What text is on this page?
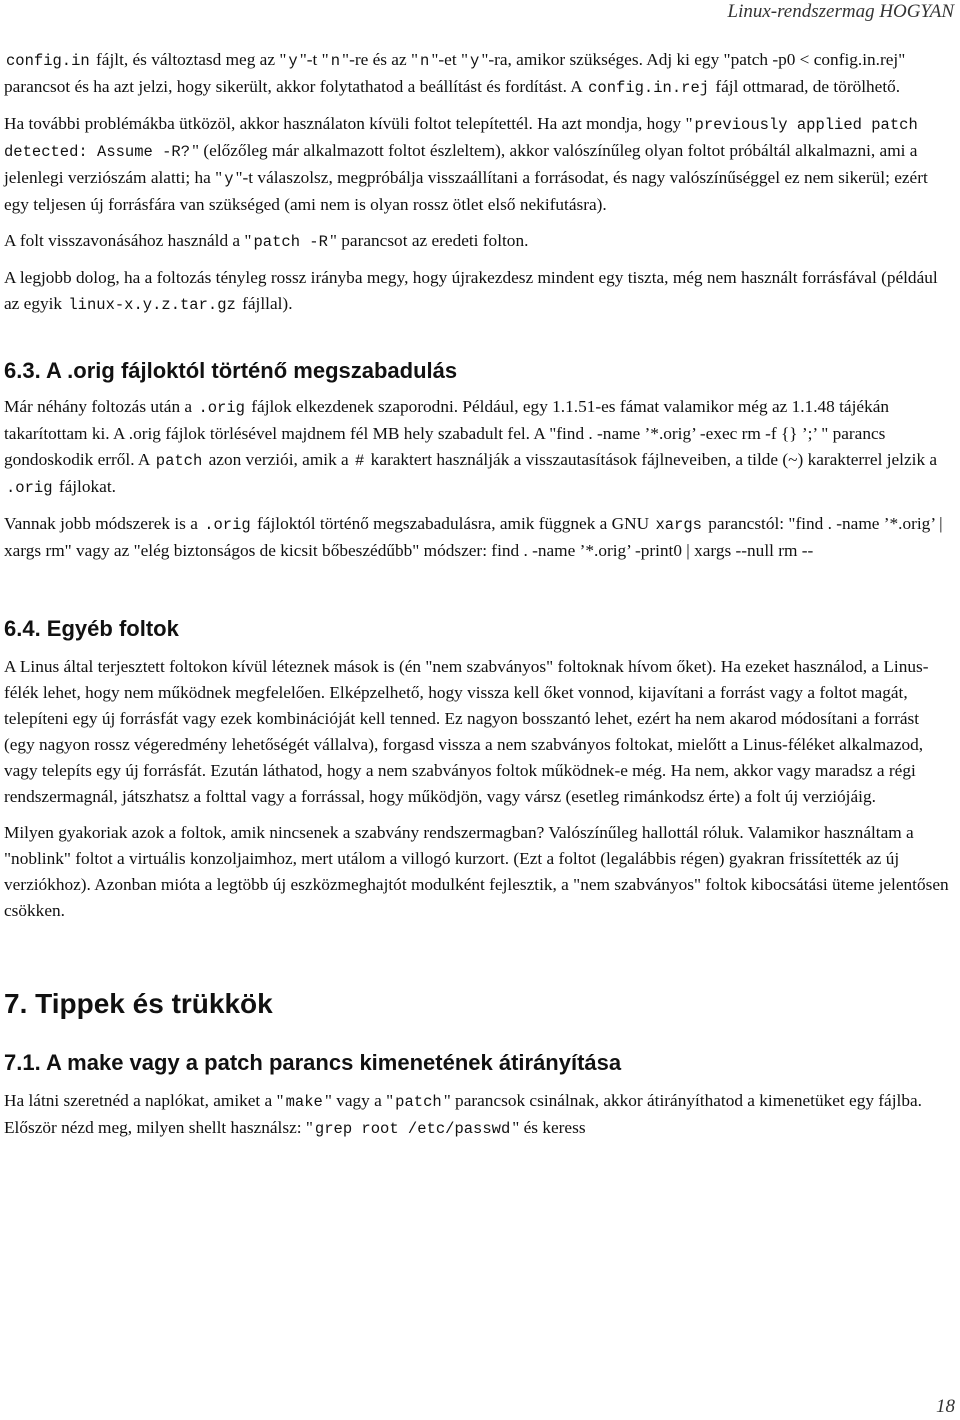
Linux-rendszermag HOGYAN

config.in fájlt, és változtasd meg az " y "-t " n "-re és az " n "-et " y "-ra, amikor szükséges. Adj ki egy "patch -p0 < config.in.rej" parancsot és ha azt jelzi, hogy sikerült, akkor folytathatod a beállítást és fordítást. A config.in.rej fájl ottmarad, de törölhető.

Ha további problémákba ütközöl, akkor használaton kívüli foltot telepítettél. Ha azt mondja, hogy " previously applied patch detected: Assume -R? " (előzőleg már alkalmazott foltot észleltem), akkor valószínűleg olyan foltot próbáltál alkalmazni, ami a jelenlegi verziószám alatti; ha " y "-t válaszolsz, megpróbálja visszaállítani a forrásodat, és nagy valószínűséggel ez nem sikerül; ezért egy teljesen új forrásfára van szükséged (ami nem is olyan rossz ötlet első nekifutásra).

A folt visszavonásához használd a " patch -R " parancsot az eredeti folton.

A legjobb dolog, ha a foltozás tényleg rossz irányba megy, hogy újrakezdesz mindent egy tiszta, még nem használt forrásfával (például az egyik linux-x.y.z.tar.gz fájllal).

6.3. A .orig fájloktól történő megszabadulás

Már néhány foltozás után a .orig fájlok elkezdenek szaporodni. Például, egy 1.1.51-es fámat valamikor még az 1.1.48 tájékán takarítottam ki. A .orig fájlok törlésével majdnem fél MB hely szabadult fel. A "find . -name ’*.orig’ -exec rm -f {} ’;’ " parancs gondoskodik erről. A patch azon verziói, amik a # karaktert használják a visszautasítások fájlneveiben, a tilde (~) karakterrel jelzik a .orig fájlokat.

Vannak jobb módszerek is a .orig fájloktól történő megszabadulásra, amik függnek a GNU xargs parancstól: "find . -name ’*.orig’ | xargs rm" vagy az "elég biztonságos de kicsit bőbeszédűbb" módszer: find . -name ’*.orig’ -print0 | xargs --null rm --

6.4. Egyéb foltok

A Linus által terjesztett foltokon kívül léteznek mások is (én "nem szabványos" foltoknak hívom őket). Ha ezeket használod, a Linus-félék lehet, hogy nem működnek megfelelően. Elképzelhető, hogy vissza kell őket vonnod, kijavítani a forrást vagy a foltot magát, telepíteni egy új forrásfát vagy ezek kombinációját kell tenned. Ez nagyon bosszantó lehet, ezért ha nem akarod módosítani a forrást (egy nagyon rossz végeredmény lehetőségét vállalva), forgasd vissza a nem szabványos foltokat, mielőtt a Linus-féléket alkalmazod, vagy telepíts egy új forrásfát. Ezután láthatod, hogy a nem szabványos foltok működnek-e még. Ha nem, akkor vagy maradsz a régi rendszermagnál, játszhatsz a folttal vagy a forrással, hogy működjön, vagy vársz (esetleg rimánkodsz érte) a folt új verziójáig.

Milyen gyakoriak azok a foltok, amik nincsenek a szabvány rendszermagban? Valószínűleg hallottál róluk. Valamikor használtam a "noblink" foltot a virtuális konzoljaimhoz, mert utálom a villogó kurzort. (Ezt a foltot (legalábbis régen) gyakran frissítették az új verziókhoz). Azonban mióta a legtöbb új eszközmeghajtót modulként fejlesztik, a "nem szabványos" foltok kibocsátási üteme jelentősen csökken.

7. Tippek és trükkök
7.1. A make vagy a patch parancs kimenetének átirányítása

Ha látni szeretnéd a naplókat, amiket a " make " vagy a " patch " parancsok csinálnak, akkor átirányíthatod a kimenetüket egy fájlba. Először nézd meg, milyen shellt használsz: " grep root /etc/passwd " és keress

18
